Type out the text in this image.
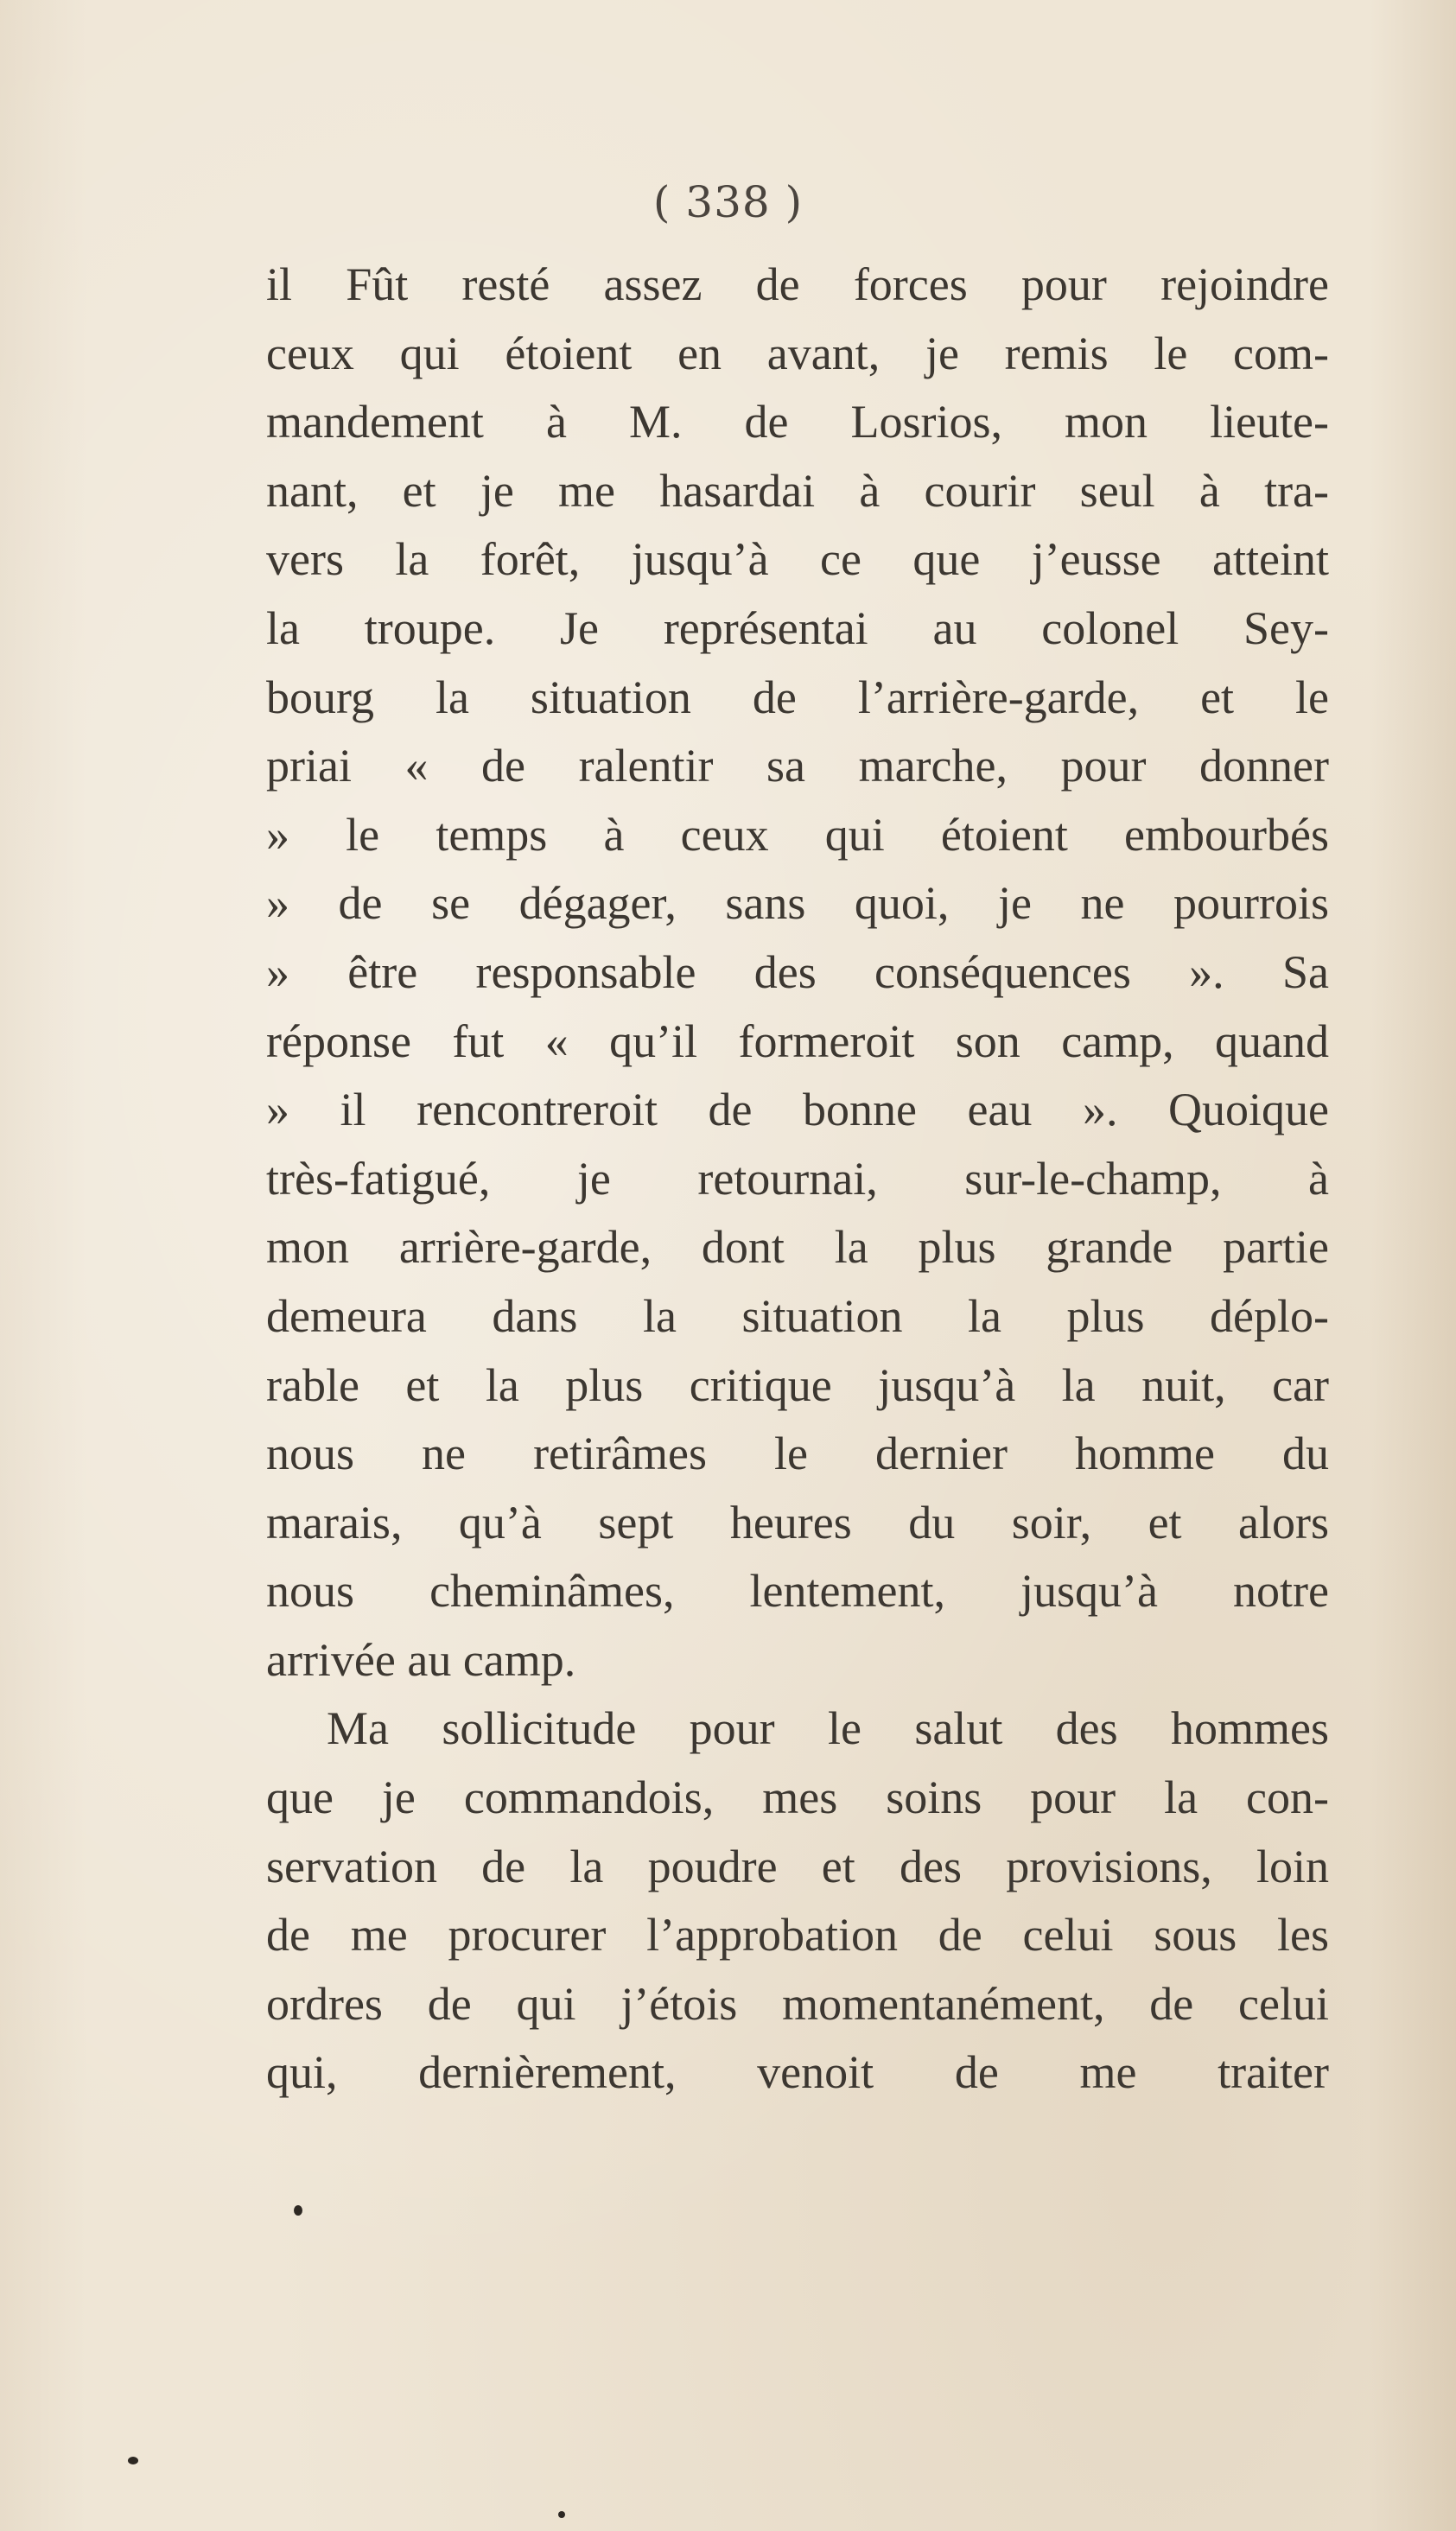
( 338 )
il Fût resté assez de forces pour rejoindre
ceux qui étoient en avant, je remis le com-
mandement à M. de Losrios, mon lieute-
nant, et je me hasardai à courir seul à tra-
vers la forêt, jusqu’à ce que j’eusse atteint
la troupe. Je représentai au colonel Sey-
bourg la situation de l’arrière-garde, et le
priai « de ralentir sa marche, pour donner
» le temps à ceux qui étoient embourbés
» de se dégager, sans quoi, je ne pourrois
» être responsable des conséquences ». Sa
réponse fut « qu’il formeroit son camp, quand
» il rencontreroit de bonne eau ». Quoique
très-fatigué, je retournai, sur-le-champ, à
mon arrière-garde, dont la plus grande partie
demeura dans la situation la plus déplo-
rable et la plus critique jusqu’à la nuit, car
nous ne retirâmes le dernier homme du
marais, qu’à sept heures du soir, et alors
nous cheminâmes, lentement, jusqu’à notre
arrivée au camp.
Ma sollicitude pour le salut des hommes
que je commandois, mes soins pour la con-
servation de la poudre et des provisions, loin
de me procurer l’approbation de celui sous les
ordres de qui j’étois momentanément, de celui
qui, dernièrement, venoit de me traiter
